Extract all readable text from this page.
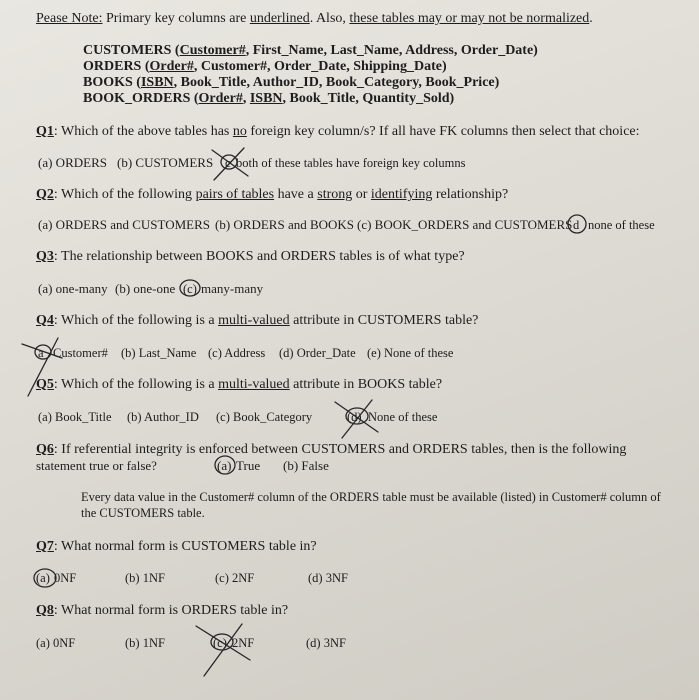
Pease Note: Primary key columns are underlined. Also, these tables may or may not be normalized.
CUSTOMERS (Customer#, First_Name, Last_Name, Address, Order_Date)
ORDERS (Order#, Customer#, Order_Date, Shipping_Date)
BOOKS (ISBN, Book_Title, Author_ID, Book_Category, Book_Price)
BOOK_ORDERS (Order#, ISBN, Book_Title, Quantity_Sold)
Q1: Which of the above tables has no foreign key column/s? If all have FK columns then select that choice:
(a) ORDERS (b) CUSTOMERS c both of these tables have foreign key columns
Q2: Which of the following pairs of tables have a strong or identifying relationship?
(a) ORDERS and CUSTOMERS (b) ORDERS and BOOKS (c) BOOK_ORDERS and CUSTOMERS d none of these
Q3: The relationship between BOOKS and ORDERS tables is of what type?
(a) one-many (b) one-one (c) many-many
Q4: Which of the following is a multi-valued attribute in CUSTOMERS table?
a Customer# (b) Last_Name (c) Address (d) Order_Date (e) None of these
Q5: Which of the following is a multi-valued attribute in BOOKS table?
(a) Book_Title (b) Author_ID (c) Book_Category	(d) None of these
Q6: If referential integrity is enforced between CUSTOMERS and ORDERS tables, then is the following
statement true or false?	(a) True (b) False
Every data value in the Customer# column of the ORDERS table must be available (listed) in Customer# column of
the CUSTOMERS table.
Q7: What normal form is CUSTOMERS table in?
(a) 0NF	(b) 1NF	(c) 2NF	(d) 3NF
Q8: What normal form is ORDERS table in?
(a) 0NF	(b) 1NF	(c) 2NF	(d) 3NF
